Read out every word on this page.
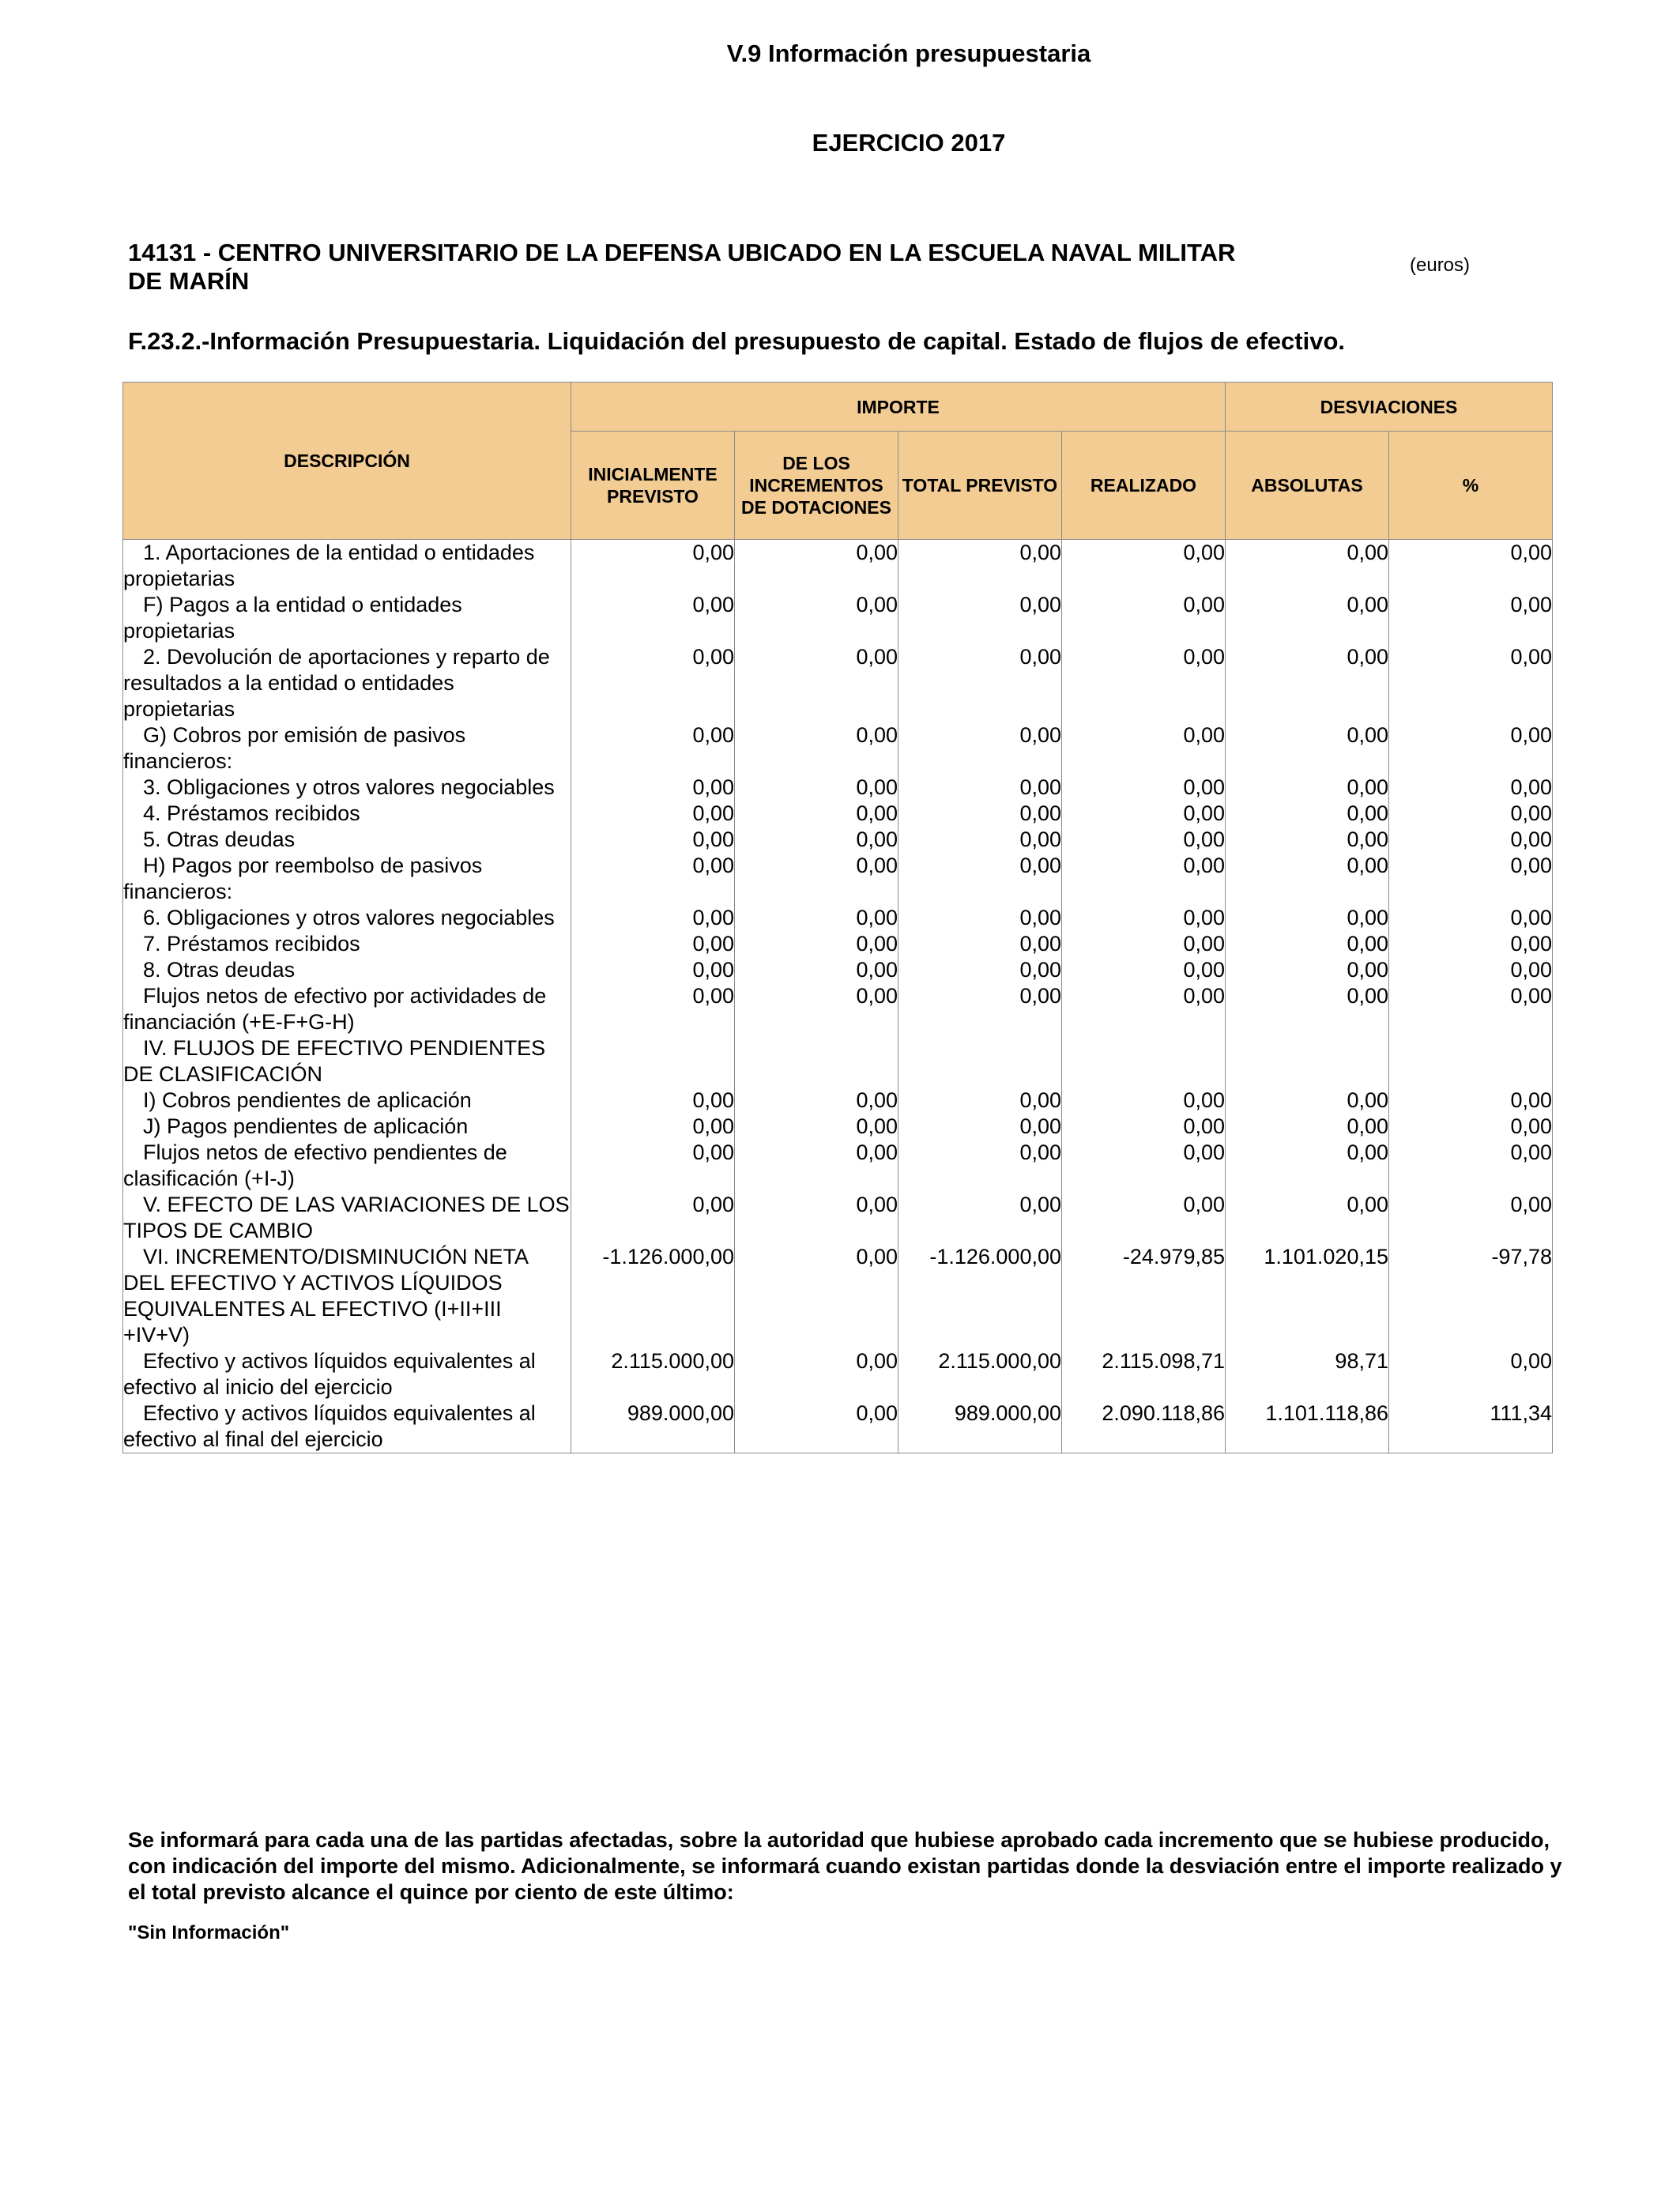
V.9 Información presupuestaria
EJERCICIO 2017
14131 - CENTRO UNIVERSITARIO DE LA DEFENSA UBICADO EN LA ESCUELA NAVAL MILITAR DE MARÍN
(euros)
F.23.2.-Información Presupuestaria. Liquidación del presupuesto de capital. Estado de flujos de efectivo.
DESCRIPCIÓN	IMPORTE				DESVIACIONES	
	INICIALMENTE PREVISTO	DE LOS INCREMENTOS DE DOTACIONES	TOTAL PREVISTO	REALIZADO	ABSOLUTAS	%
1. Aportaciones de la entidad o entidades propietarias	0,00	0,00	0,00	0,00	0,00	0,00
F) Pagos a la entidad o entidades propietarias	0,00	0,00	0,00	0,00	0,00	0,00
2. Devolución de aportaciones y reparto de resultados a la entidad o entidades propietarias	0,00	0,00	0,00	0,00	0,00	0,00
G) Cobros por emisión de pasivos financieros:	0,00	0,00	0,00	0,00	0,00	0,00
3. Obligaciones y otros valores negociables	0,00	0,00	0,00	0,00	0,00	0,00
4. Préstamos recibidos	0,00	0,00	0,00	0,00	0,00	0,00
5. Otras deudas	0,00	0,00	0,00	0,00	0,00	0,00
H) Pagos por reembolso de pasivos financieros:	0,00	0,00	0,00	0,00	0,00	0,00
6. Obligaciones y otros valores negociables	0,00	0,00	0,00	0,00	0,00	0,00
7. Préstamos recibidos	0,00	0,00	0,00	0,00	0,00	0,00
8. Otras deudas	0,00	0,00	0,00	0,00	0,00	0,00
Flujos netos de efectivo por actividades de financiación (+E-F+G-H)	0,00	0,00	0,00	0,00	0,00	0,00
IV. FLUJOS DE EFECTIVO PENDIENTES DE CLASIFICACIÓN						
I) Cobros pendientes de aplicación	0,00	0,00	0,00	0,00	0,00	0,00
J) Pagos pendientes de aplicación	0,00	0,00	0,00	0,00	0,00	0,00
Flujos netos de efectivo pendientes de clasificación (+I-J)	0,00	0,00	0,00	0,00	0,00	0,00
V. EFECTO DE LAS VARIACIONES DE LOS TIPOS DE CAMBIO	0,00	0,00	0,00	0,00	0,00	0,00
VI. INCREMENTO/DISMINUCIÓN NETA DEL EFECTIVO Y ACTIVOS LÍQUIDOS EQUIVALENTES AL EFECTIVO (I+II+III +IV+V)	-1.126.000,00	0,00	-1.126.000,00	-24.979,85	1.101.020,15	-97,78
Efectivo y activos líquidos equivalentes al efectivo al inicio del ejercicio	2.115.000,00	0,00	2.115.000,00	2.115.098,71	98,71	0,00
Efectivo y activos líquidos equivalentes al efectivo al final del ejercicio	989.000,00	0,00	989.000,00	2.090.118,86	1.101.118,86	111,34
Se informará para cada una de las partidas afectadas, sobre la autoridad que hubiese aprobado cada incremento que se hubiese producido, con indicación del importe del mismo. Adicionalmente, se informará cuando existan partidas donde la desviación entre el importe realizado y el total previsto alcance el quince por ciento de este último:
"Sin Información"
